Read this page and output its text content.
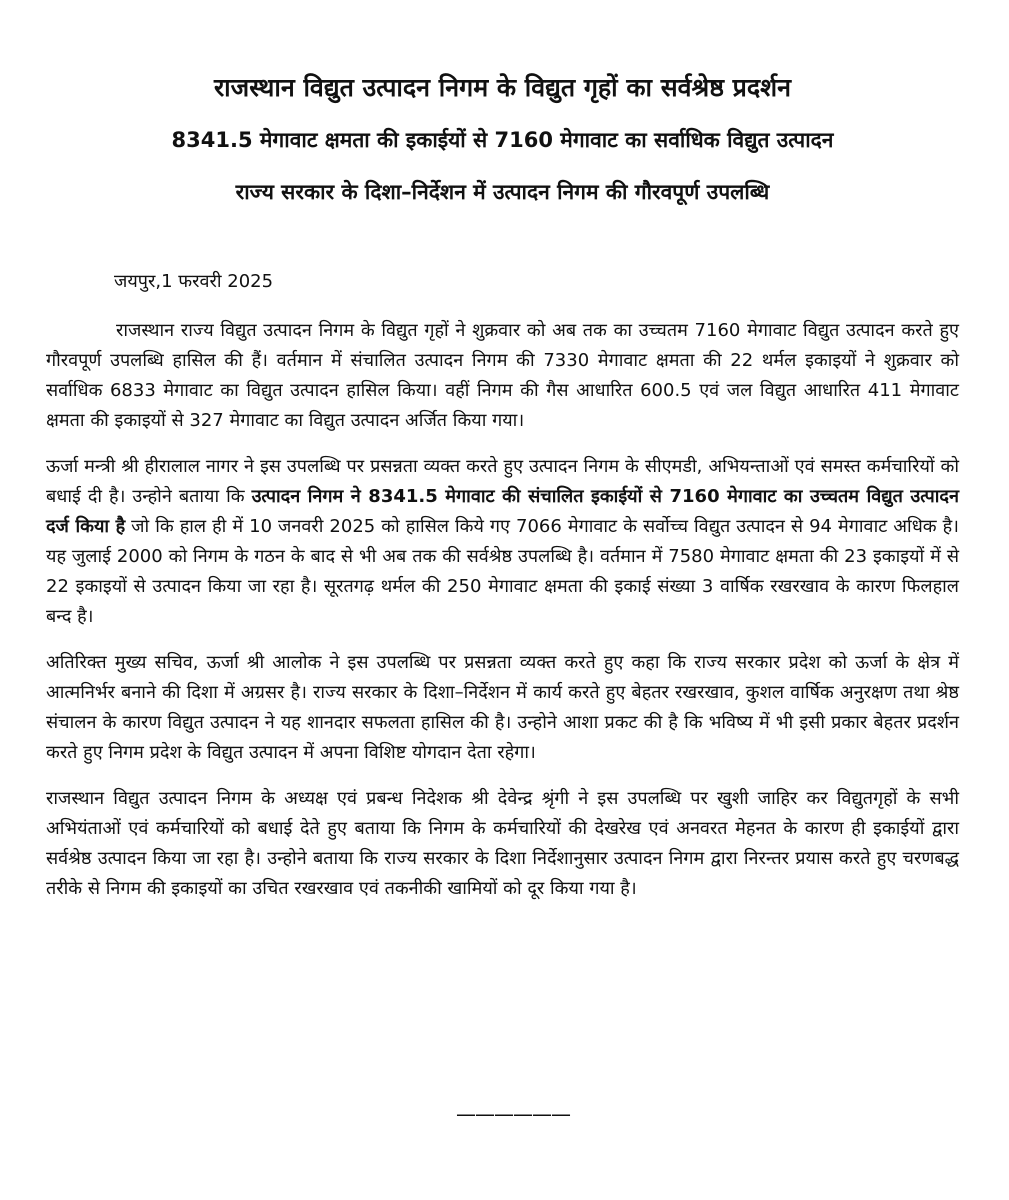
राजस्थान विद्युत उत्पादन निगम के विद्युत गृहों का सर्वश्रेष्ठ प्रदर्शन
8341.5 मेगावाट क्षमता की इकाईयों से 7160 मेगावाट का सर्वाधिक विद्युत उत्पादन
राज्य सरकार के दिशा–निर्देशन में उत्पादन निगम की गौरवपूर्ण उपलब्धि
जयपुर,1 फरवरी 2025

राजस्थान राज्य विद्युत उत्पादन निगम के विद्युत गृहों ने शुक्रवार को अब तक का उच्चतम 7160 मेगावाट विद्युत उत्पादन करते हुए गौरवपूर्ण उपलब्धि हासिल की हैं। वर्तमान में संचालित उत्पादन निगम की 7330 मेगावाट क्षमता की 22 थर्मल इकाइयों ने शुक्रवार को सर्वाधिक 6833 मेगावाट का विद्युत उत्पादन हासिल किया। वहीं निगम की गैस आधारित 600.5 एवं जल विद्युत आधारित 411 मेगावाट क्षमता की इकाइयों से 327 मेगावाट का विद्युत उत्पादन अर्जित किया गया।

ऊर्जा मन्त्री श्री हीरालाल नागर ने इस उपलब्धि पर प्रसन्नता व्यक्त करते हुए उत्पादन निगम के सीएमडी, अभियन्ताओं एवं समस्त कर्मचारियों को बधाई दी है। उन्होने बताया कि उत्पादन निगम ने 8341.5 मेगावाट की संचालित इकाईयों से 7160 मेगावाट का उच्चतम विद्युत उत्पादन दर्ज किया है जो कि हाल ही में 10 जनवरी 2025 को हासिल किये गए 7066 मेगावाट के सर्वोच्च विद्युत उत्पादन से 94 मेगावाट अधिक है। यह जुलाई 2000 को निगम के गठन के बाद से भी अब तक की सर्वश्रेष्ठ उपलब्धि है। वर्तमान में 7580 मेगावाट क्षमता की 23 इकाइयों में से 22 इकाइयों से उत्पादन किया जा रहा है। सूरतगढ़ थर्मल की 250 मेगावाट क्षमता की इकाई संख्या 3 वार्षिक रखरखाव के कारण फिलहाल बन्द है।

अतिरिक्त मुख्य सचिव, ऊर्जा श्री आलोक ने इस उपलब्धि पर प्रसन्नता व्यक्त करते हुए कहा कि राज्य सरकार प्रदेश को ऊर्जा के क्षेत्र में आत्मनिर्भर बनाने की दिशा में अग्रसर है। राज्य सरकार के दिशा–निर्देशन में कार्य करते हुए बेहतर रखरखाव, कुशल वार्षिक अनुरक्षण तथा श्रेष्ठ संचालन के कारण विद्युत उत्पादन ने यह शानदार सफलता हासिल की है। उन्होने आशा प्रकट की है कि भविष्य में भी इसी प्रकार बेहतर प्रदर्शन करते हुए निगम प्रदेश के विद्युत उत्पादन में अपना विशिष्ट योगदान देता रहेगा।

राजस्थान विद्युत उत्पादन निगम के अध्यक्ष एवं प्रबन्ध निदेशक श्री देवेन्द्र श्रृंगी ने इस उपलब्धि पर खुशी जाहिर कर विद्युतगृहों के सभी अभियंताओं एवं कर्मचारियों को बधाई देते हुए बताया कि निगम के कर्मचारियों की देखरेख एवं अनवरत मेहनत के कारण ही इकाईयों द्वारा सर्वश्रेष्ठ उत्पादन किया जा रहा है। उन्होने बताया कि राज्य सरकार के दिशा निर्देशानुसार उत्पादन निगम द्वारा निरन्तर प्रयास करते हुए चरणबद्ध तरीके से निगम की इकाइयों का उचित रखरखाव एवं तकनीकी खामियों को दूर किया गया है।

——————
